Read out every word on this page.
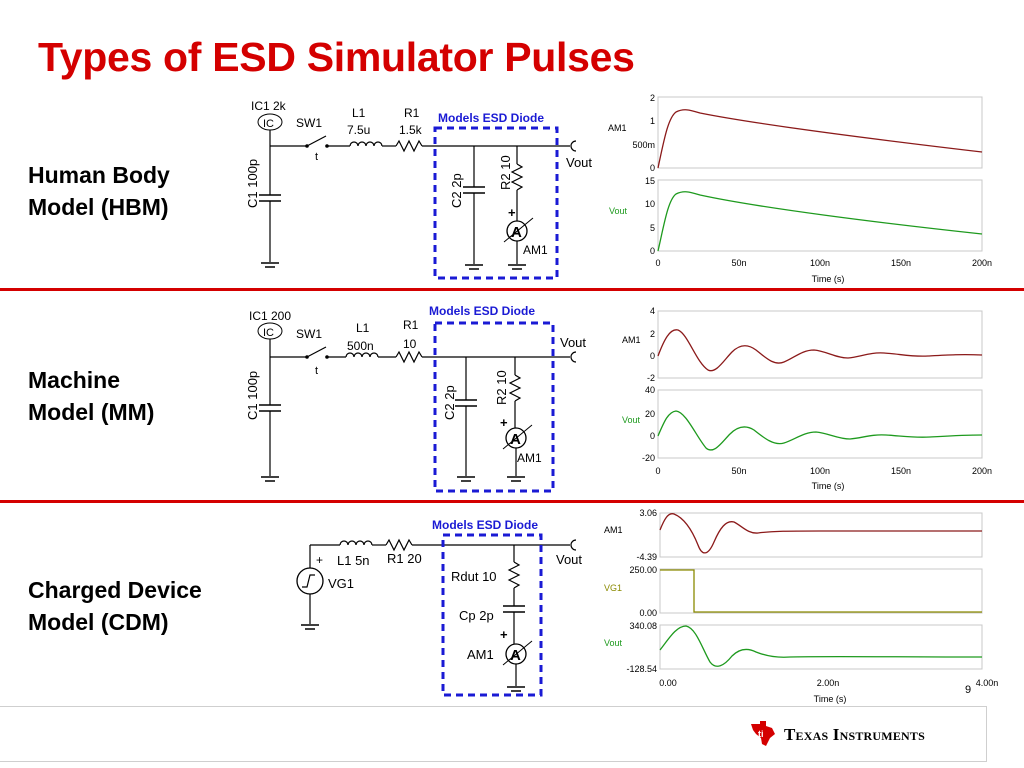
Types of ESD Simulator Pulses
Human Body
Model (HBM)
Machine
Model (MM)
Charged Device
Model (CDM)
IC1 2k
IC SW1
t
L1
7.5u
R1
1.5k
Vout
C1 100p
Models ESD Diode
C2 2p
R2 10
+
A
AM1
IC1 200
IC SW1
t
L1
500n
R1
10	Vout
C1 100p
Models ESD Diode
C2 2p	R2 10
+
A
AM1
Vout
+ L1 5n R1 20
VG1
Models ESD Diode
Rdut 10
Cp 2p
+
A
AM1
AM1
Vout
2
1
500m
0
15
10
5
0
0	50n	100n	150n	200n
Time (s)
AM1
Vout
4
2
0
-2
40
20
0
-20
0	50n	100n	150n	200n
Time (s)
AM1
VG1
Vout
3.06
-4.39
250.00
0.00
340.08
-128.54
0.00	2.00n	4.00n
Time (s)
9
ti Texas Instruments
